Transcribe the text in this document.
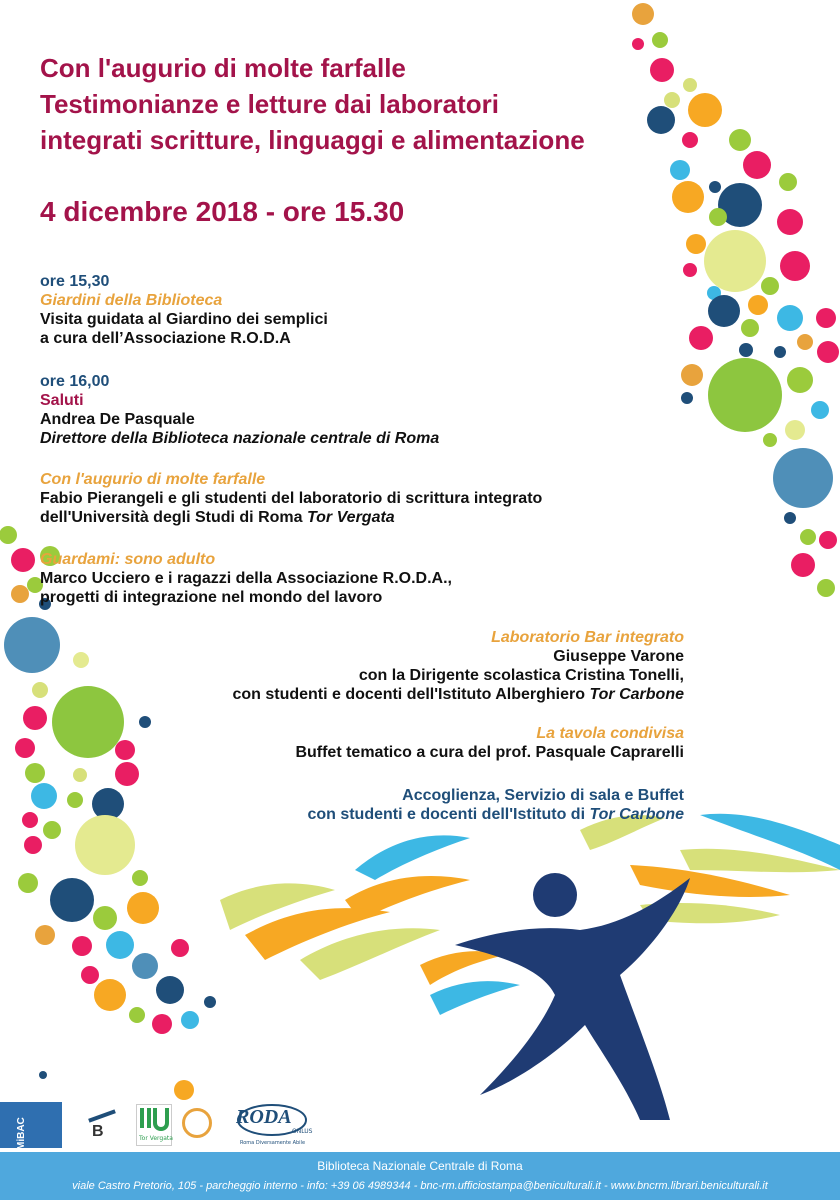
Con l'augurio di molte farfalle
Testimonianze e letture dai laboratori
integrati scritture, linguaggi e alimentazione
4 dicembre 2018 - ore 15.30
ore 15,30
Giardini della Biblioteca
Visita guidata al Giardino dei semplici
a cura dell’Associazione R.O.D.A
ore 16,00
Saluti
Andrea De Pasquale
Direttore della Biblioteca nazionale centrale di Roma
Con l'augurio di molte farfalle
Fabio Pierangeli e gli studenti del laboratorio di scrittura integrato
dell'Università degli Studi di Roma Tor Vergata
Guardami: sono adulto
Marco Ucciero e i ragazzi della Associazione R.O.D.A.,
progetti di integrazione nel mondo del lavoro
Laboratorio Bar integrato
Giuseppe Varone
con la Dirigente scolastica Cristina Tonelli,
con studenti e docenti dell'Istituto Alberghiero Tor Carbone
La tavola condivisa
Buffet tematico a cura del prof. Pasquale Caprarelli
Accoglienza, Servizio di sala e Buffet
con studenti e docenti dell'Istituto di Tor Carbone
MiBAC	B	Tor Vergata
RODA
ONLUS
Roma Diversamente Abile
Biblioteca Nazionale Centrale di Roma
viale Castro Pretorio, 105 - parcheggio interno - info: +39 06 4989344 - bnc-rm.ufficiostampa@beniculturali.it - www.bncrm.librari.beniculturali.it
